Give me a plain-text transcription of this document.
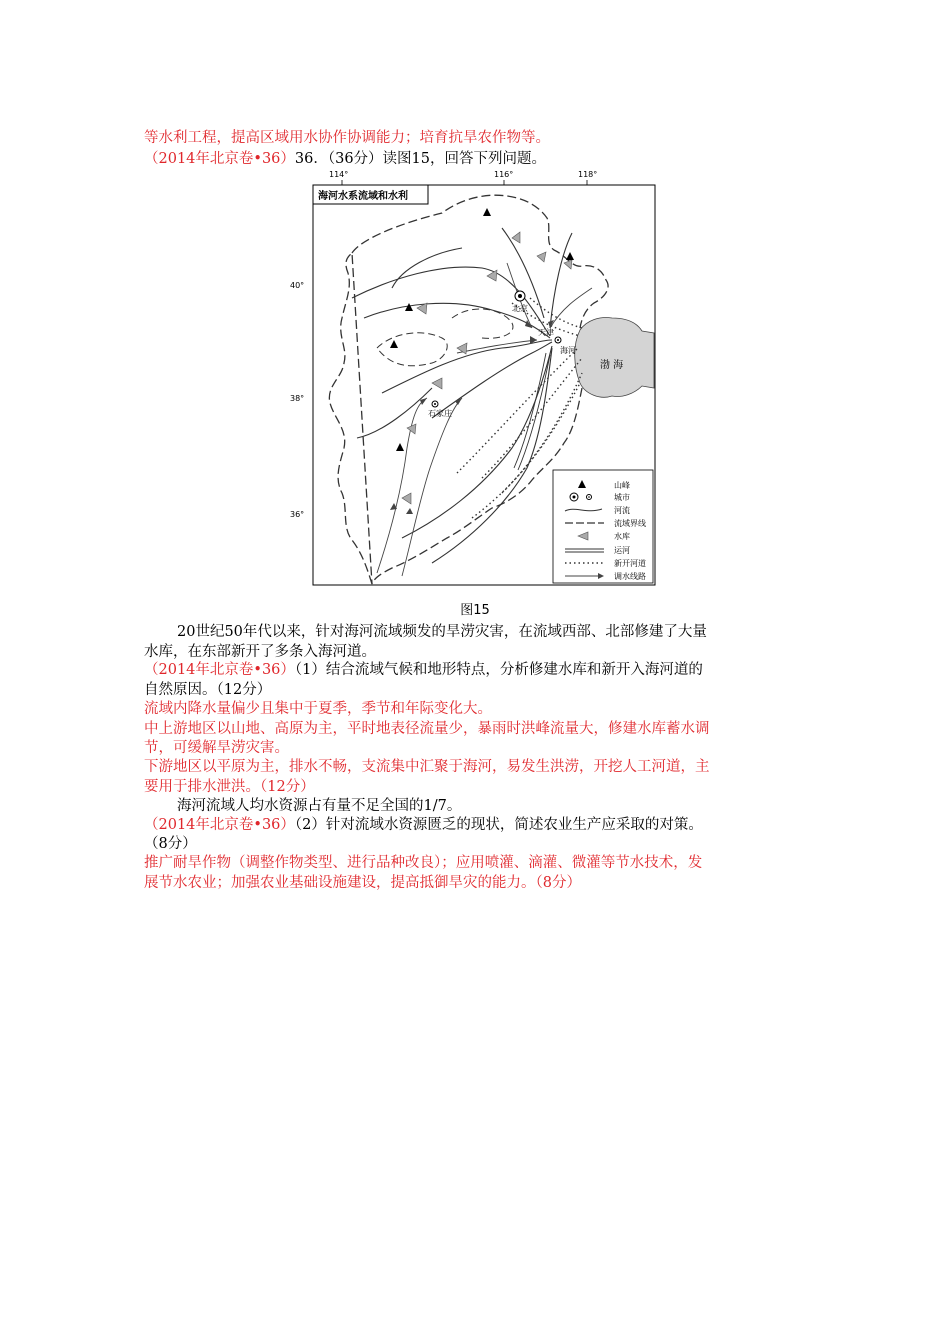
等水利工程，提高区域用水协作协调能力；培育抗旱农作物等。
（2014年北京卷•36）36．（36分）读图15，回答下列问题。
114°	116°	118°
40°
38°
36°
海河水系流域和水利
渤 海
北京
天津
海河
石家庄
山峰
城市
河流
流域界线
水库
运河
新开河道
调水线路
图15
20世纪50年代以来，针对海河流域频发的旱涝灾害，在流域西部、北部修建了大量
水库，在东部新开了多条入海河道。
（2014年北京卷•36）（1）结合流域气候和地形特点，分析修建水库和新开入海河道的
自然原因。（12分）
流域内降水量偏少且集中于夏季，季节和年际变化大。
中上游地区以山地、高原为主，平时地表径流量少，暴雨时洪峰流量大，修建水库蓄水调
节，可缓解旱涝灾害。
下游地区以平原为主，排水不畅，支流集中汇聚于海河，易发生洪涝，开挖人工河道，主
要用于排水泄洪。（12分）
海河流域人均水资源占有量不足全国的1/7。
（2014年北京卷•36）（2）针对流域水资源匮乏的现状，简述农业生产应采取的对策。
（8分）
推广耐旱作物（调整作物类型、进行品种改良）；应用喷灌、滴灌、微灌等节水技术，发
展节水农业；加强农业基础设施建设，提高抵御旱灾的能力。（8分）
